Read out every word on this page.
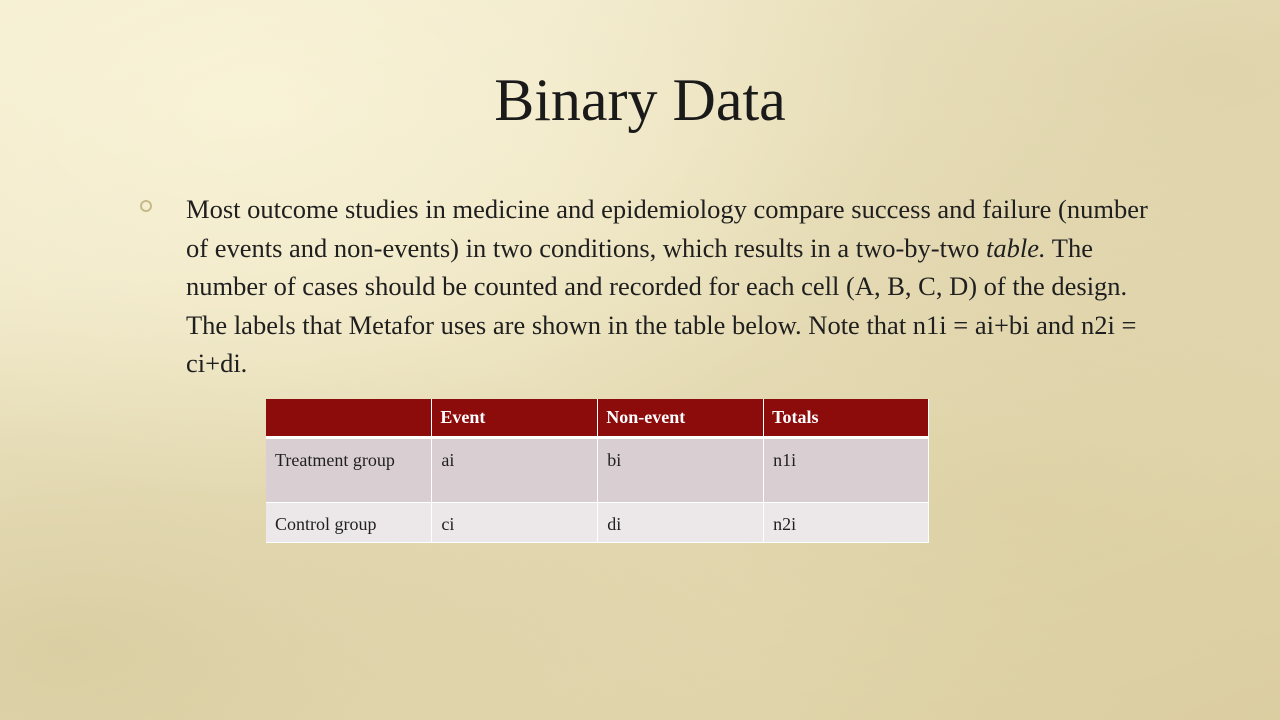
Binary Data

Most outcome studies in medicine and epidemiology compare success and failure (number of events and non-events) in two conditions, which results in a two-by-two table. The number of cases should be counted and recorded for each cell (A, B, C, D) of the design. The labels that Metafor uses are shown in the table below. Note that n1i = ai+bi and n2i = ci+di.

	Event	Non-event	Totals
Treatment group	ai	bi	n1i
Control group	ci	di	n2i
